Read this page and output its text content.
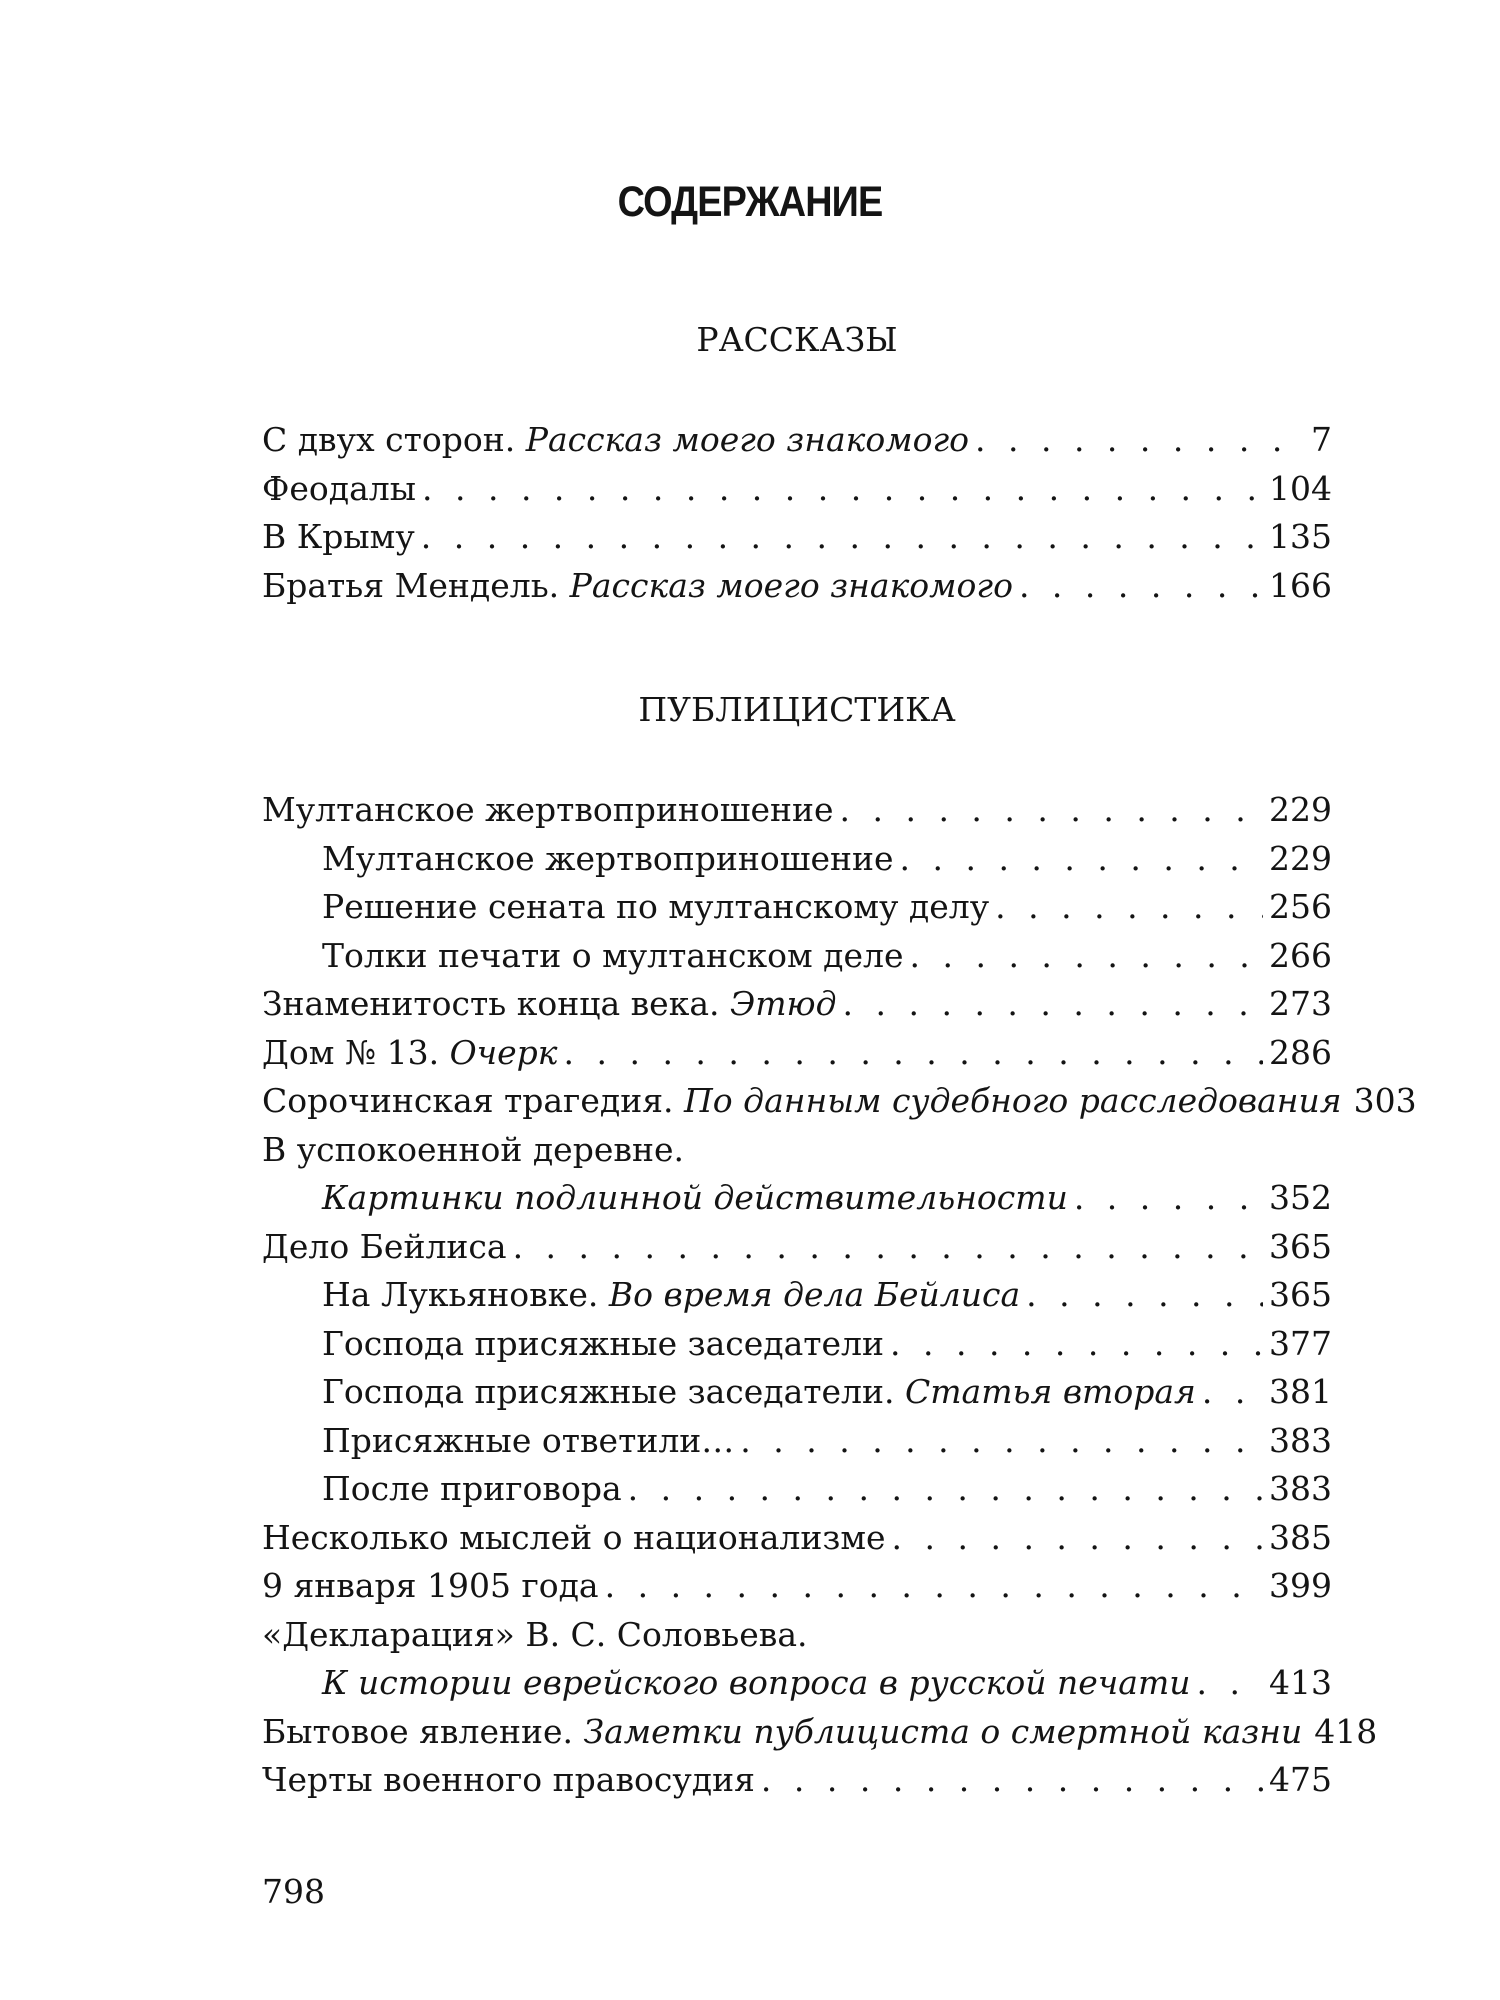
СОДЕРЖАНИЕ
РАССКАЗЫ
С двух сторон. Рассказ моего знакомого . . .	7
Феодалы . . .	104
В Крыму . . .	135
Братья Мендель. Рассказ моего знакомого . . .	166
ПУБЛИЦИСТИКА
Мултанское жертвоприношение . . .	229
Мултанское жертвоприношение . . .	229
Решение сената по мултанскому делу . . .	256
Толки печати о мултанском деле . . .	266
Знаменитость конца века. Этюд . . .	273
Дом № 13. Очерк . . .	286
Сорочинская трагедия. По данным судебного расследования 303
В успокоенной деревне.
Картинки подлинной действительности . . .	352
Дело Бейлиса . . .	365
На Лукьяновке. Во время дела Бейлиса . . .	365
Господа присяжные заседатели . . .	377
Господа присяжные заседатели. Статья вторая . . . 381
Присяжные ответили… . . .	383
После приговора . . .	383
Несколько мыслей о национализме . . .	385
9 января 1905 года . . .	399
«Декларация» В. С. Соловьева.
К истории еврейского вопроса в русской печати . . . 413
Бытовое явление. Заметки публициста о смертной казни 418
Черты военного правосудия . . .	475
798
